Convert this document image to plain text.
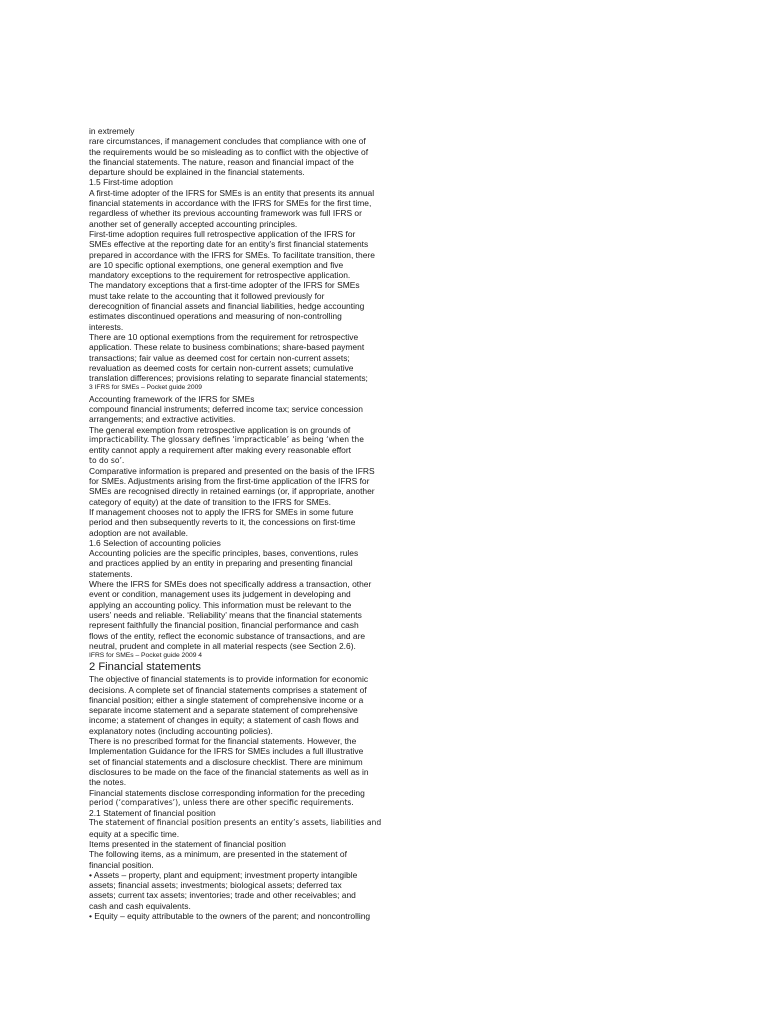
in extremely
rare circumstances, if management concludes that compliance with one of
the requirements would be so misleading as to conflict with the objective of
the financial statements. The nature, reason and financial impact of the
departure should be explained in the financial statements.
1.5 First-time adoption
A first-time adopter of the IFRS for SMEs is an entity that presents its annual
financial statements in accordance with the IFRS for SMEs for the first time,
regardless of whether its previous accounting framework was full IFRS or
another set of generally accepted accounting principles.
First-time adoption requires full retrospective application of the IFRS for
SMEs effective at the reporting date for an entity’s first financial statements
prepared in accordance with the IFRS for SMEs. To facilitate transition, there
are 10 specific optional exemptions, one general exemption and five
mandatory exceptions to the requirement for retrospective application.
The mandatory exceptions that a first-time adopter of the IFRS for SMEs
must take relate to the accounting that it followed previously for
derecognition of financial assets and financial liabilities, hedge accounting
estimates discontinued operations and measuring of non-controlling
interests.
There are 10 optional exemptions from the requirement for retrospective
application. These relate to business combinations; share-based payment
transactions; fair value as deemed cost for certain non-current assets;
revaluation as deemed costs for certain non-current assets; cumulative
translation differences; provisions relating to separate financial statements;
3 IFRS for SMEs – Pocket guide 2009
Accounting framework of the IFRS for SMEs
compound financial instruments; deferred income tax; service concession
arrangements; and extractive activities.
The general exemption from retrospective application is on grounds of
impracticability. The glossary defines ‘impracticable’ as being ‘when the
entity cannot apply a requirement after making every reasonable effort
to do so’.
Comparative information is prepared and presented on the basis of the IFRS
for SMEs. Adjustments arising from the first-time application of the IFRS for
SMEs are recognised directly in retained earnings (or, if appropriate, another
category of equity) at the date of transition to the IFRS for SMEs.
If management chooses not to apply the IFRS for SMEs in some future
period and then subsequently reverts to it, the concessions on first-time
adoption are not available.
1.6 Selection of accounting policies
Accounting policies are the specific principles, bases, conventions, rules
and practices applied by an entity in preparing and presenting financial
statements.
Where the IFRS for SMEs does not specifically address a transaction, other
event or condition, management uses its judgement in developing and
applying an accounting policy. This information must be relevant to the
users’ needs and reliable. ‘Reliability’ means that the financial statements
represent faithfully the financial position, financial performance and cash
flows of the entity, reflect the economic substance of transactions, and are
neutral, prudent and complete in all material respects (see Section 2.6).
IFRS for SMEs – Pocket guide 2009 4
2 Financial statements
The objective of financial statements is to provide information for economic
decisions. A complete set of financial statements comprises a statement of
financial position; either a single statement of comprehensive income or a
separate income statement and a separate statement of comprehensive
income; a statement of changes in equity; a statement of cash flows and
explanatory notes (including accounting policies).
There is no prescribed format for the financial statements. However, the
Implementation Guidance for the IFRS for SMEs includes a full illustrative
set of financial statements and a disclosure checklist. There are minimum
disclosures to be made on the face of the financial statements as well as in
the notes.
Financial statements disclose corresponding information for the preceding
period (‘comparatives’), unless there are other specific requirements.
2.1 Statement of financial position
The statement of financial position presents an entity’s assets, liabilities and
equity at a specific time.
Items presented in the statement of financial position
The following items, as a minimum, are presented in the statement of
financial position.
• Assets – property, plant and equipment; investment property intangible
assets; financial assets; investments; biological assets; deferred tax
assets; current tax assets; inventories; trade and other receivables; and
cash and cash equivalents.
• Equity – equity attributable to the owners of the parent; and noncontrolling
